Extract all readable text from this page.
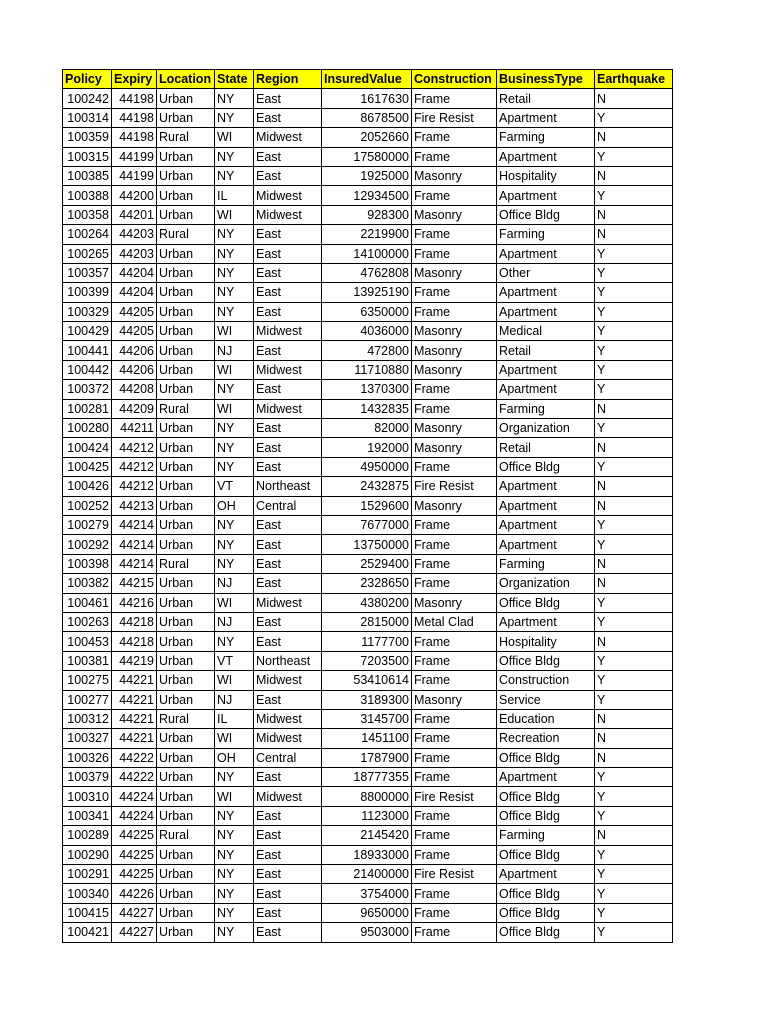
Policy	Expiry	Location	State	Region	InsuredValue	Construction	BusinessType	Earthquake
100242	44198	Urban	NY	East	1617630	Frame	Retail	N
100314	44198	Urban	NY	East	8678500	Fire Resist	Apartment	Y
100359	44198	Rural	WI	Midwest	2052660	Frame	Farming	N
100315	44199	Urban	NY	East	17580000	Frame	Apartment	Y
100385	44199	Urban	NY	East	1925000	Masonry	Hospitality	N
100388	44200	Urban	IL	Midwest	12934500	Frame	Apartment	Y
100358	44201	Urban	WI	Midwest	928300	Masonry	Office Bldg	N
100264	44203	Rural	NY	East	2219900	Frame	Farming	N
100265	44203	Urban	NY	East	14100000	Frame	Apartment	Y
100357	44204	Urban	NY	East	4762808	Masonry	Other	Y
100399	44204	Urban	NY	East	13925190	Frame	Apartment	Y
100329	44205	Urban	NY	East	6350000	Frame	Apartment	Y
100429	44205	Urban	WI	Midwest	4036000	Masonry	Medical	Y
100441	44206	Urban	NJ	East	472800	Masonry	Retail	Y
100442	44206	Urban	WI	Midwest	11710880	Masonry	Apartment	Y
100372	44208	Urban	NY	East	1370300	Frame	Apartment	Y
100281	44209	Rural	WI	Midwest	1432835	Frame	Farming	N
100280	44211	Urban	NY	East	82000	Masonry	Organization	Y
100424	44212	Urban	NY	East	192000	Masonry	Retail	N
100425	44212	Urban	NY	East	4950000	Frame	Office Bldg	Y
100426	44212	Urban	VT	Northeast	2432875	Fire Resist	Apartment	N
100252	44213	Urban	OH	Central	1529600	Masonry	Apartment	N
100279	44214	Urban	NY	East	7677000	Frame	Apartment	Y
100292	44214	Urban	NY	East	13750000	Frame	Apartment	Y
100398	44214	Rural	NY	East	2529400	Frame	Farming	N
100382	44215	Urban	NJ	East	2328650	Frame	Organization	N
100461	44216	Urban	WI	Midwest	4380200	Masonry	Office Bldg	Y
100263	44218	Urban	NJ	East	2815000	Metal Clad	Apartment	Y
100453	44218	Urban	NY	East	1177700	Frame	Hospitality	N
100381	44219	Urban	VT	Northeast	7203500	Frame	Office Bldg	Y
100275	44221	Urban	WI	Midwest	53410614	Frame	Construction	Y
100277	44221	Urban	NJ	East	3189300	Masonry	Service	Y
100312	44221	Rural	IL	Midwest	3145700	Frame	Education	N
100327	44221	Urban	WI	Midwest	1451100	Frame	Recreation	N
100326	44222	Urban	OH	Central	1787900	Frame	Office Bldg	N
100379	44222	Urban	NY	East	18777355	Frame	Apartment	Y
100310	44224	Urban	WI	Midwest	8800000	Fire Resist	Office Bldg	Y
100341	44224	Urban	NY	East	1123000	Frame	Office Bldg	Y
100289	44225	Rural	NY	East	2145420	Frame	Farming	N
100290	44225	Urban	NY	East	18933000	Frame	Office Bldg	Y
100291	44225	Urban	NY	East	21400000	Fire Resist	Apartment	Y
100340	44226	Urban	NY	East	3754000	Frame	Office Bldg	Y
100415	44227	Urban	NY	East	9650000	Frame	Office Bldg	Y
100421	44227	Urban	NY	East	9503000	Frame	Office Bldg	Y
